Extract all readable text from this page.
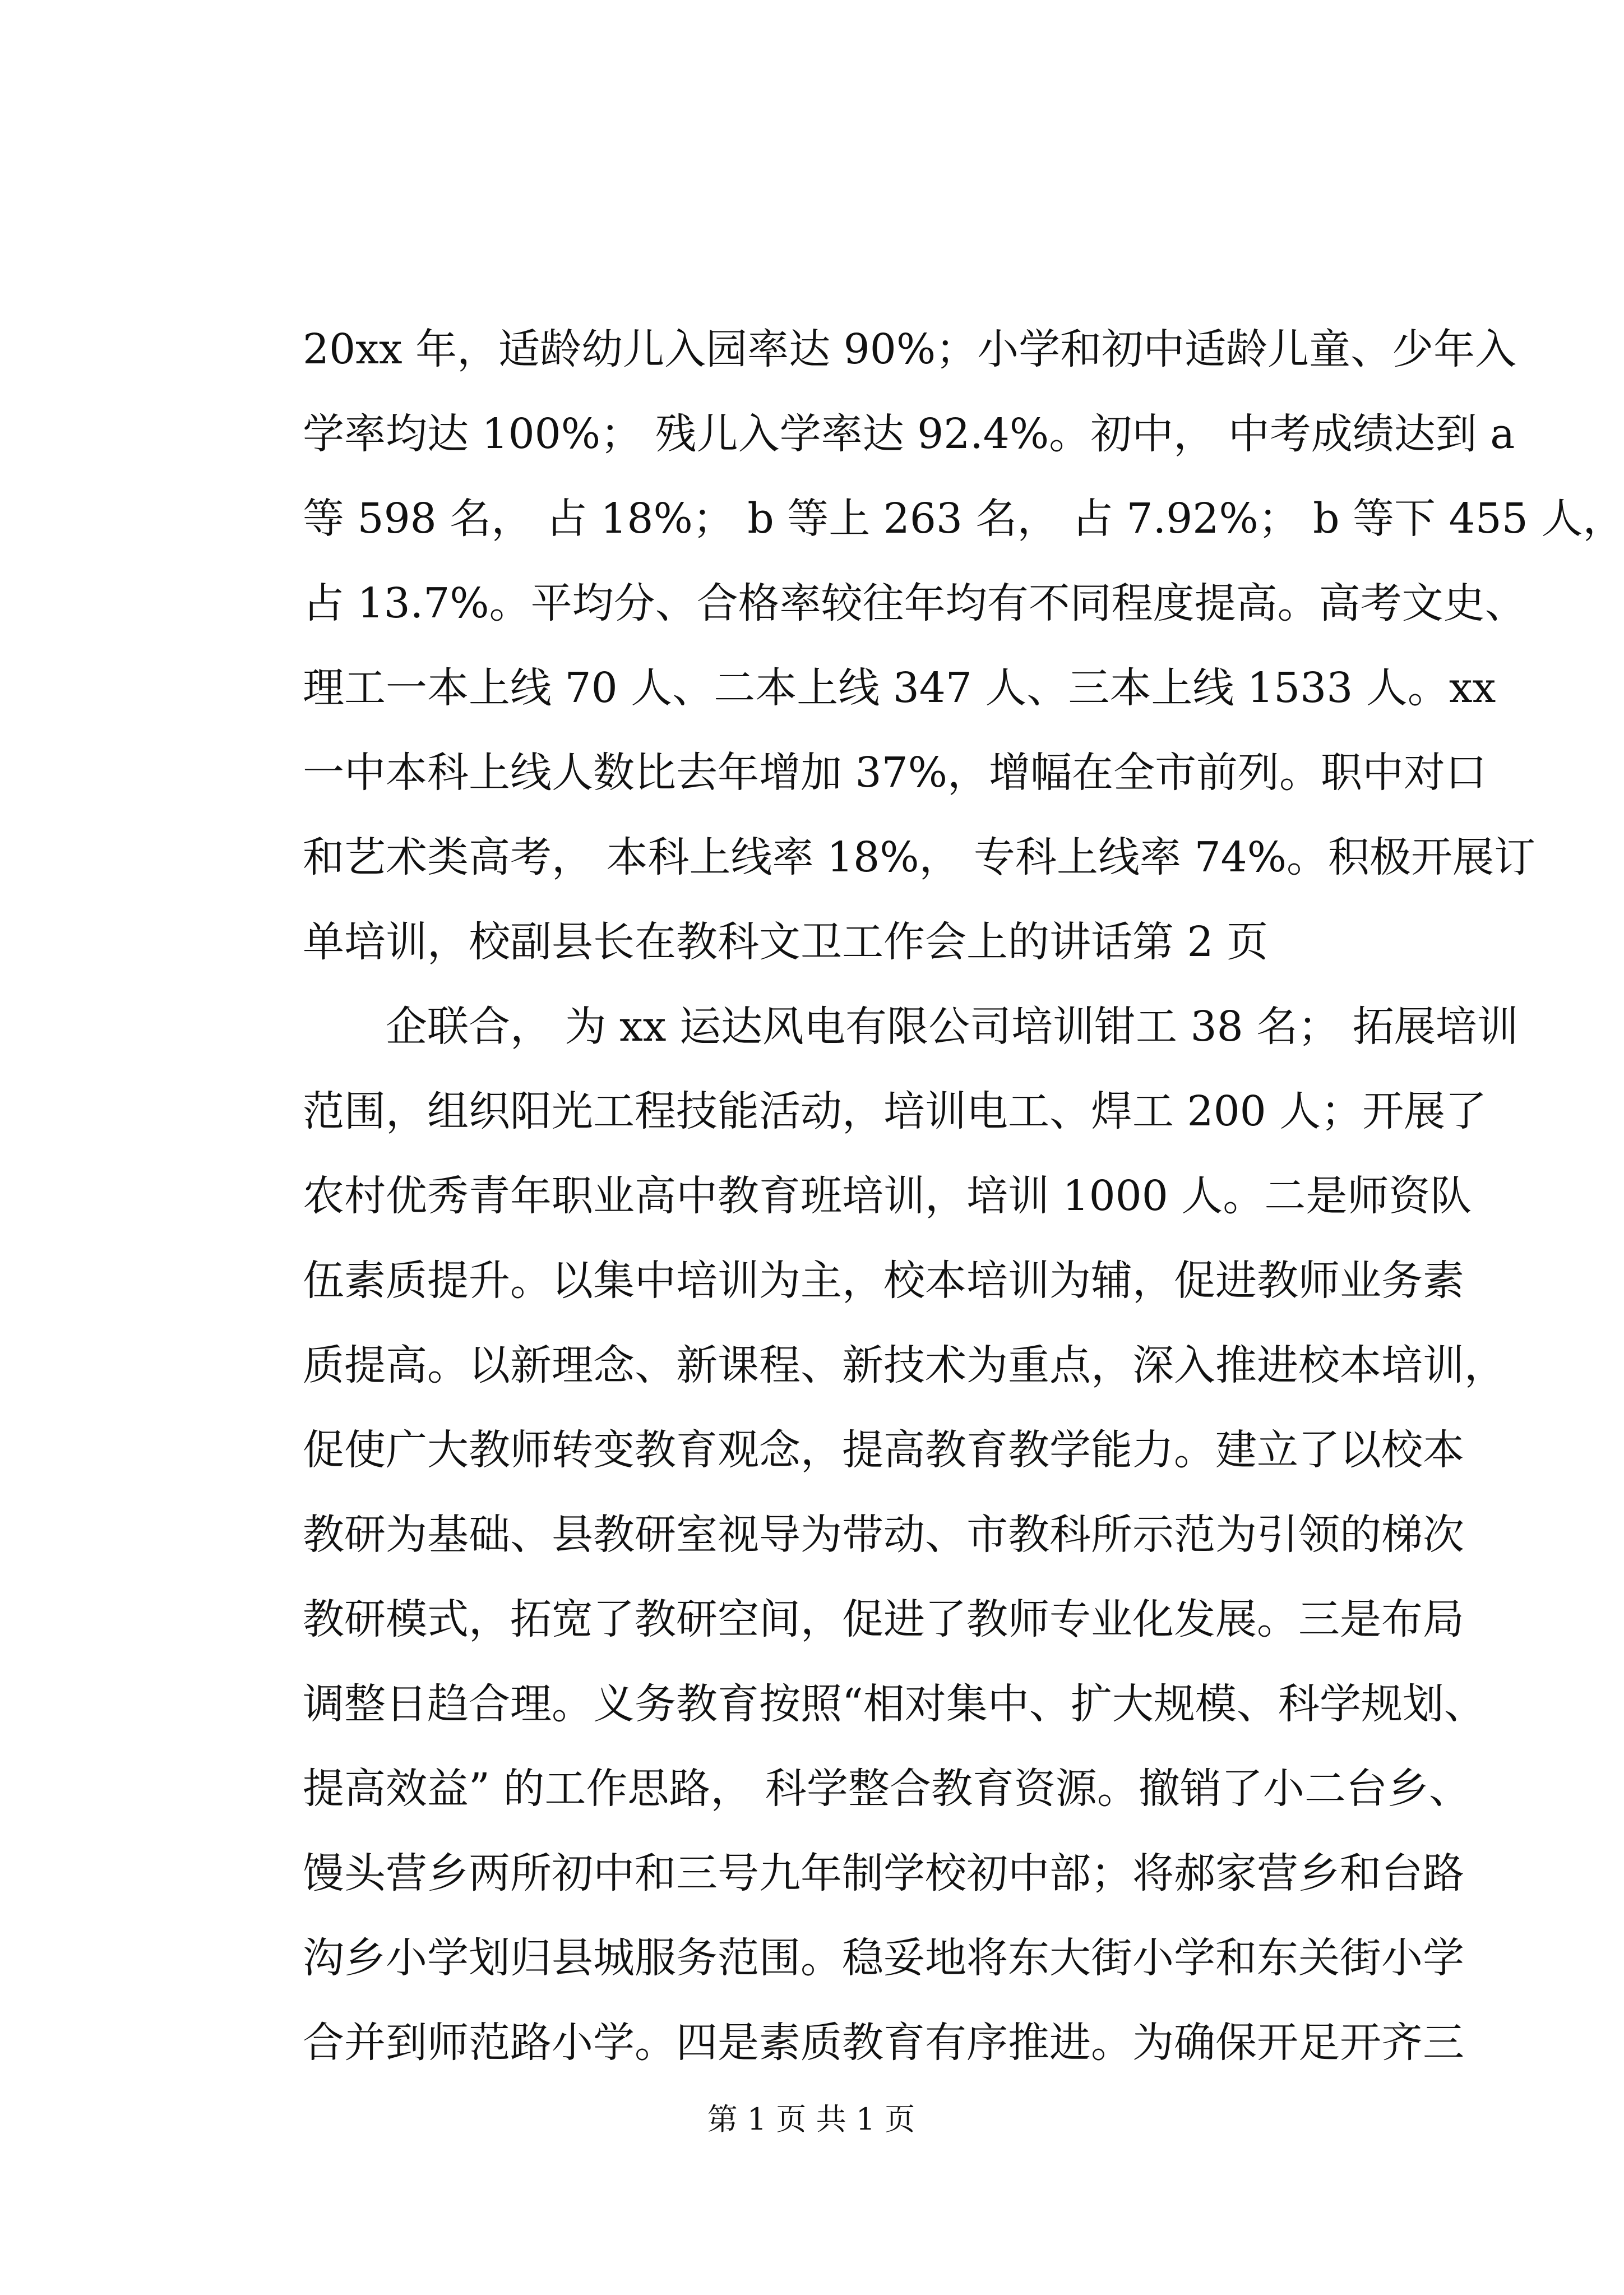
20xx 年，适龄幼儿入园率达 90%；小学和初中适龄儿童、少年入
学率均达 100%； 残儿入学率达 92.4%。初中， 中考成绩达到 a
等 598 名， 占 18%； b 等上 263 名， 占 7.92%； b 等下 455 人，
占 13.7%。平均分、合格率较往年均有不同程度提高。高考文史、
理工一本上线 70 人、二本上线 347 人、三本上线 1533 人。xx
一中本科上线人数比去年增加 37%，增幅在全市前列。职中对口
和艺术类高考， 本科上线率 18%， 专科上线率 74%。积极开展订
单培训，校副县长在教科文卫工作会上的讲话第 2 页
　　企联合， 为 xx 运达风电有限公司培训钳工 38 名； 拓展培训
范围，组织阳光工程技能活动，培训电工、焊工 200 人；开展了
农村优秀青年职业高中教育班培训，培训 1000 人。二是师资队
伍素质提升。以集中培训为主，校本培训为辅，促进教师业务素
质提高。以新理念、新课程、新技术为重点，深入推进校本培训，
促使广大教师转变教育观念，提高教育教学能力。建立了以校本
教研为基础、县教研室视导为带动、市教科所示范为引领的梯次
教研模式，拓宽了教研空间，促进了教师专业化发展。三是布局
调整日趋合理。义务教育按照“相对集中、扩大规模、科学规划、
提高效益” 的工作思路， 科学整合教育资源。撤销了小二台乡、
馒头营乡两所初中和三号九年制学校初中部；将郝家营乡和台路
沟乡小学划归县城服务范围。稳妥地将东大街小学和东关街小学
合并到师范路小学。四是素质教育有序推进。为确保开足开齐三
第 1 页 共 1 页
